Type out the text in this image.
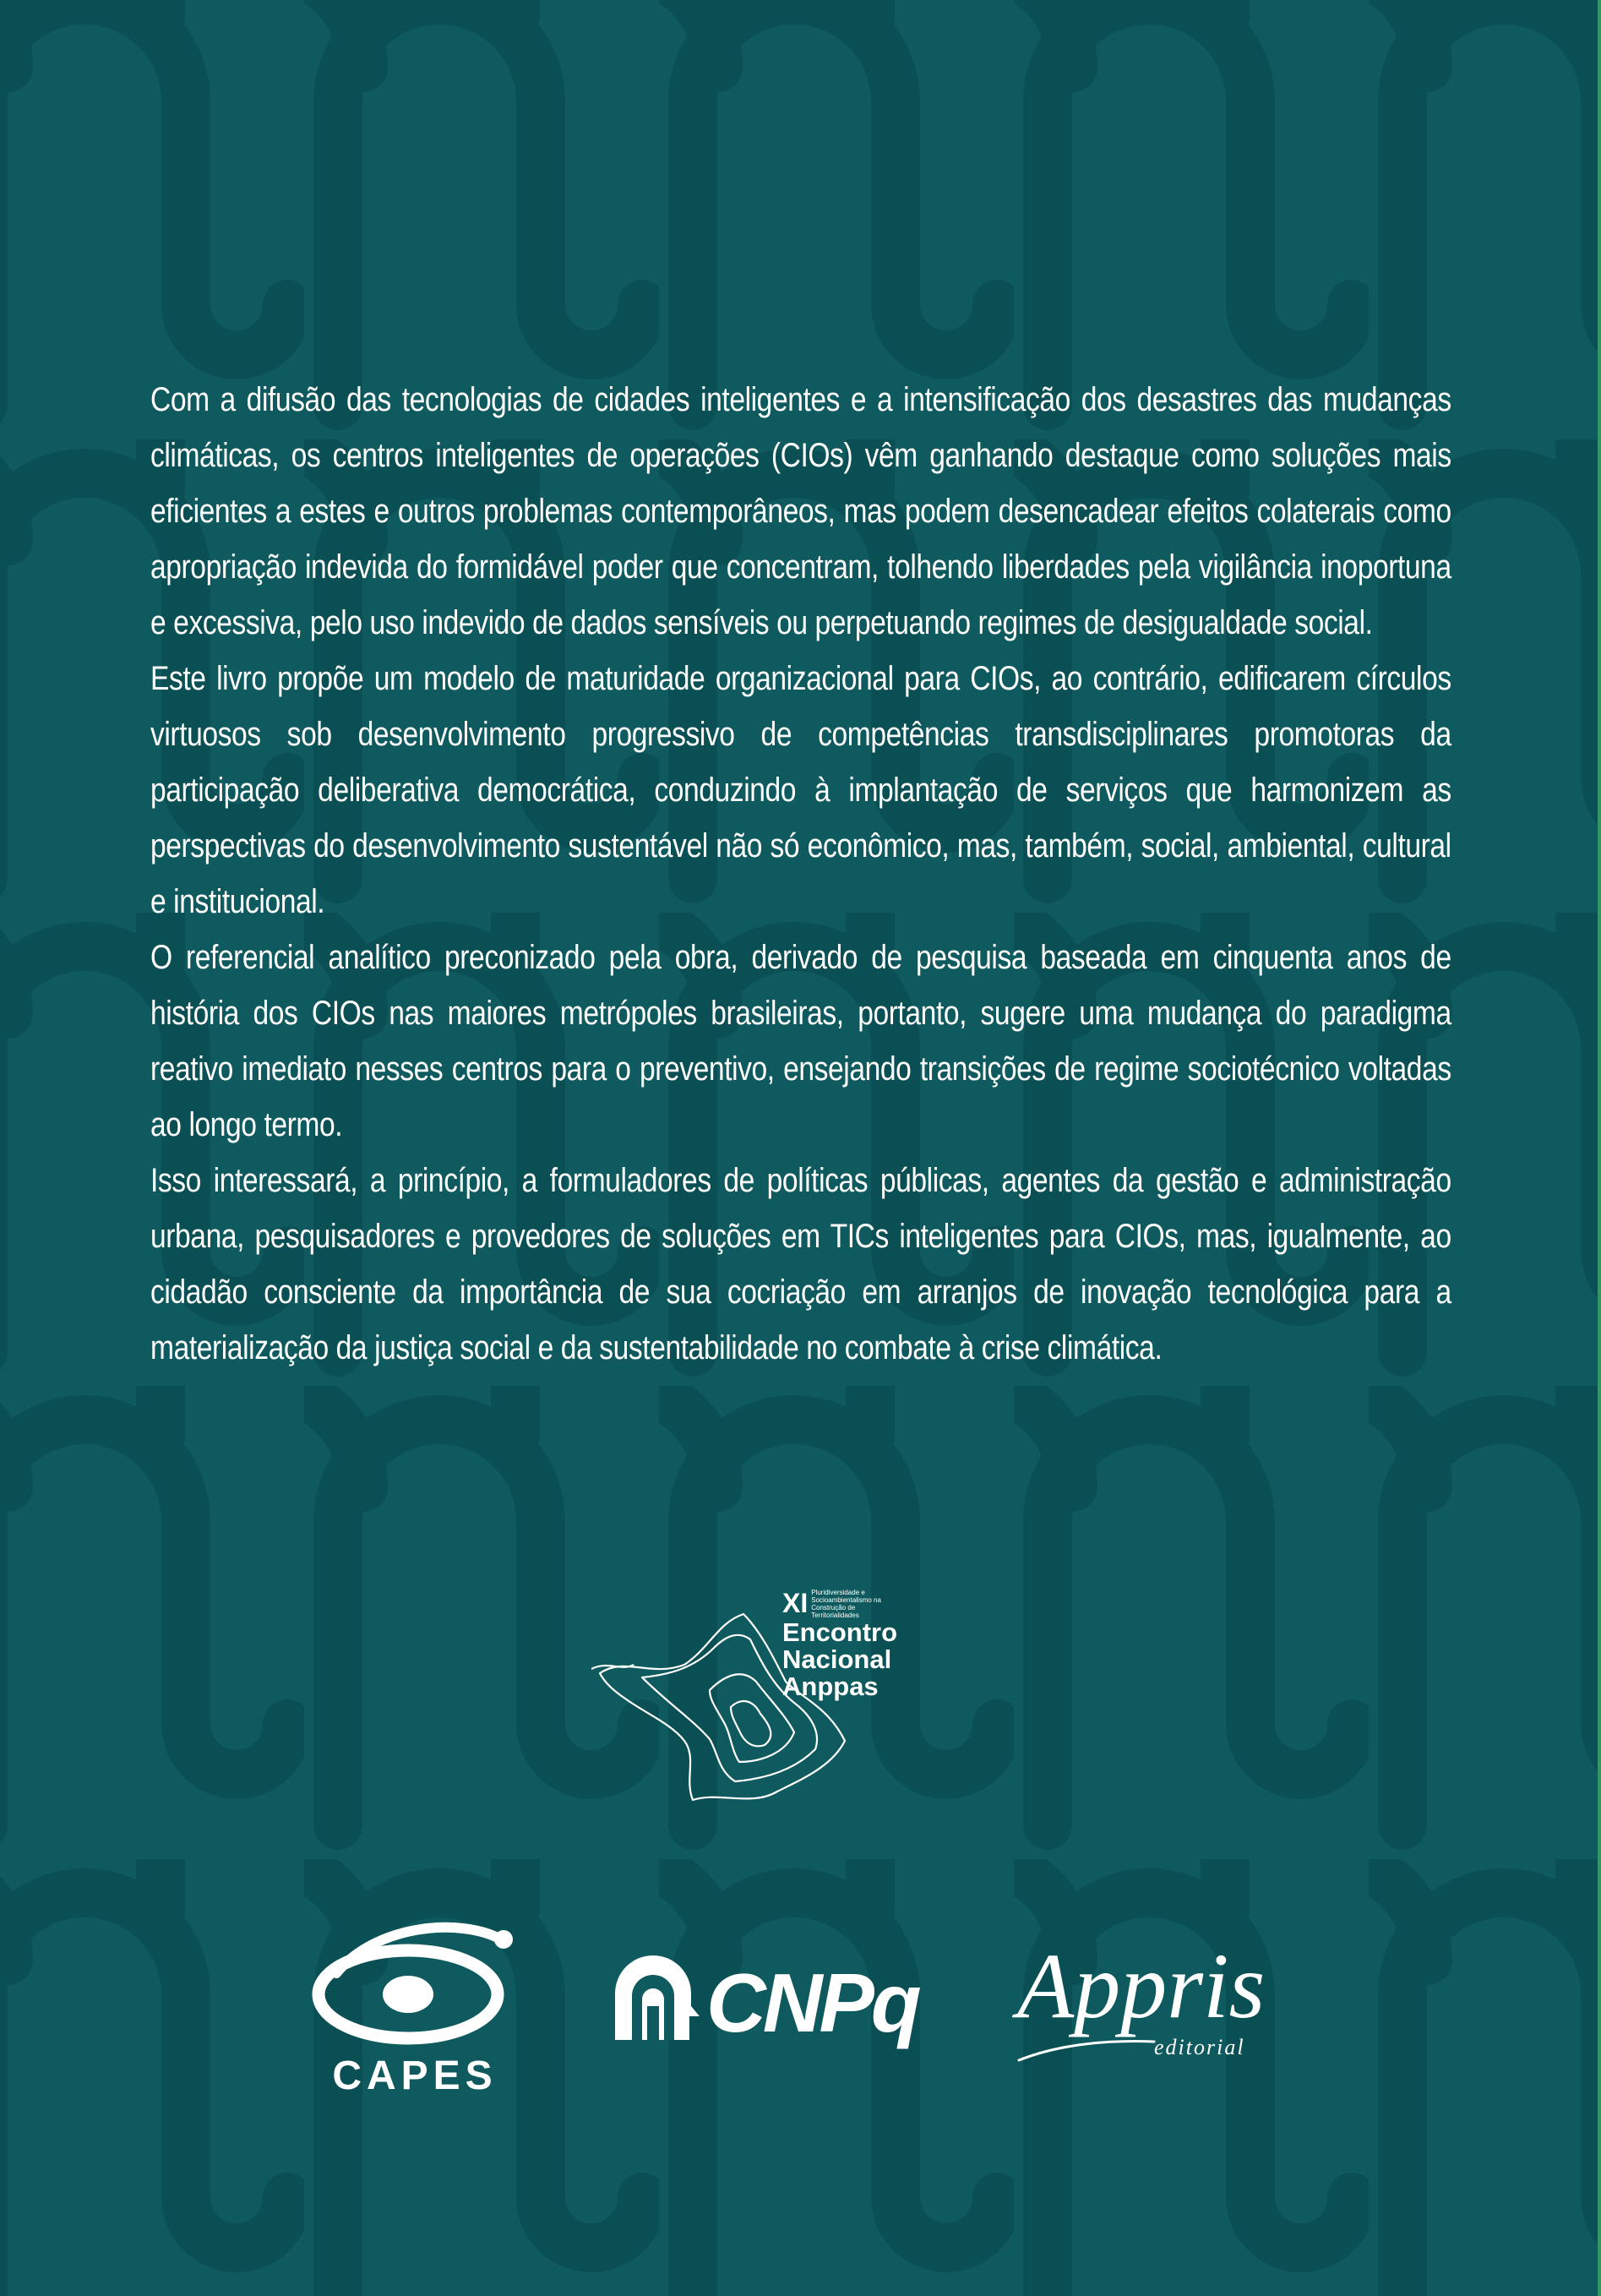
Com a difusão das tecnologias de cidades inteligentes e a intensificação dos desastres das mudanças climáticas, os centros inteligentes de operações (CIOs) vêm ganhando destaque como soluções mais eficientes a estes e outros problemas contemporâneos, mas podem desencadear efeitos colaterais como apropriação indevida do formidável poder que concentram, tolhendo liberdades pela vigilância inoportuna e excessiva, pelo uso indevido de dados sensíveis ou perpetuando regimes de desigualdade social.

Este livro propõe um modelo de maturidade organizacional para CIOs, ao contrário, edificarem círculos virtuosos sob desenvolvimento progressivo de competências transdisciplinares promotoras da participação deliberativa democrática, conduzindo à implantação de serviços que harmonizem as perspectivas do desenvolvimento sustentável não só econômico, mas, também, social, ambiental, cultural e institucional.

O referencial analítico preconizado pela obra, derivado de pesquisa baseada em cinquenta anos de história dos CIOs nas maiores metrópoles brasileiras, portanto, sugere uma mudança do paradigma reativo imediato nesses centros para o preventivo, ensejando transições de regime sociotécnico voltadas ao longo termo.

Isso interessará, a princípio, a formuladores de políticas públicas, agentes da gestão e administração urbana, pesquisadores e provedores de soluções em TICs inteligentes para CIOs, mas, igualmente, ao cidadão consciente da importância de sua cocriação em arranjos de inovação tecnológica para a materialização da justiça social e da sustentabilidade no combate à crise climática.

XI Pluridiversidade e Socioambientalismo na Construção de Territorialidades
Encontro
Nacional
Anppas
CAPES
CNPq Appris
editorial
